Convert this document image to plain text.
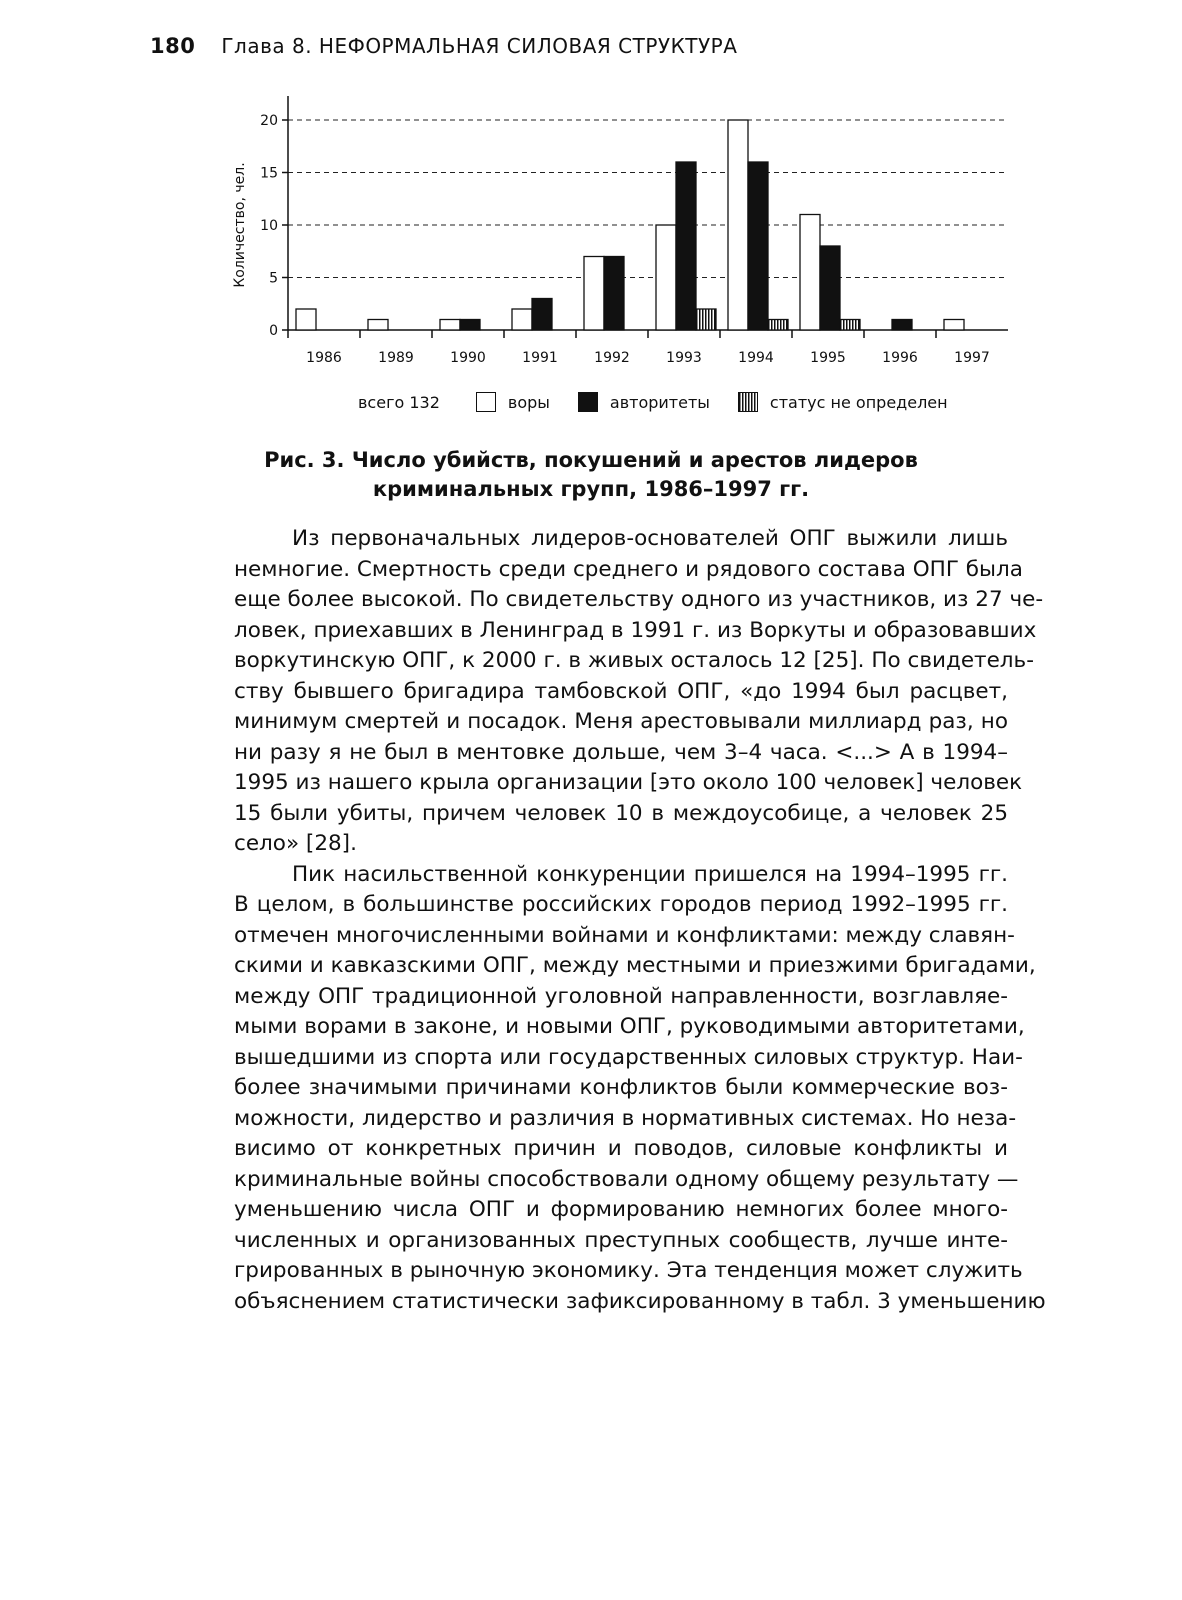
180 Глава 8. НЕФОРМАЛЬНАЯ СИЛОВАЯ СТРУКТУРА
0
5
10
15
20
Количество, чел.
1986	1989	1990	1991	1992	1993	1994	1995	1996	1997
всего 132	воры	авторитеты	статус не определен
Рис. 3. Число убийств, покушений и арестов лидеров
криминальных групп, 1986–1997 гг.
Из первоначальных лидеров-основателей ОПГ выжили лишь
немногие. Смертность среди среднего и рядового состава ОПГ была
еще более высокой. По свидетельству одного из участников, из 27 че-
ловек, приехавших в Ленинград в 1991 г. из Воркуты и образовавших
воркутинскую ОПГ, к 2000 г. в живых осталось 12 [25]. По свидетель-
ству бывшего бригадира тамбовской ОПГ, «до 1994 был расцвет,
минимум смертей и посадок. Меня арестовывали миллиард раз, но
ни разу я не был в ментовке дольше, чем 3–4 часа. <...> А в 1994–
1995 из нашего крыла организации [это около 100 человек] человек
15 были убиты, причем человек 10 в междоусобице, а человек 25
село» [28].
Пик насильственной конкуренции пришелся на 1994–1995 гг.
В целом, в большинстве российских городов период 1992–1995 гг.
отмечен многочисленными войнами и конфликтами: между славян-
скими и кавказскими ОПГ, между местными и приезжими бригадами,
между ОПГ традиционной уголовной направленности, возглавляе-
мыми ворами в законе, и новыми ОПГ, руководимыми авторитетами,
вышедшими из спорта или государственных силовых структур. Наи-
более значимыми причинами конфликтов были коммерческие воз-
можности, лидерство и различия в нормативных системах. Но неза-
висимо от конкретных причин и поводов, силовые конфликты и
криминальные войны способствовали одному общему результату —
уменьшению числа ОПГ и формированию немногих более много-
численных и организованных преступных сообществ, лучше инте-
грированных в рыночную экономику. Эта тенденция может служить
объяснением статистически зафиксированному в табл. 3 уменьшению
